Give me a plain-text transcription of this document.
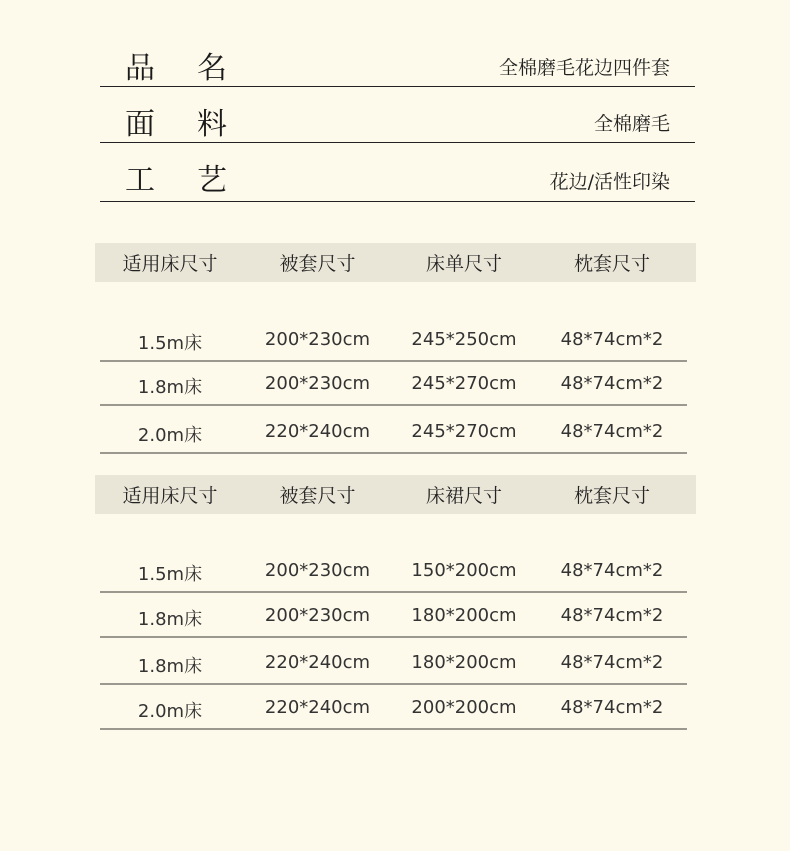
品名	全棉磨毛花边四件套
面料	全棉磨毛
工艺	花边/活性印染
适用床尺寸	被套尺寸	床单尺寸	枕套尺寸
1.5m床	200*230cm	245*250cm	48*74cm*2
1.8m床	200*230cm	245*270cm	48*74cm*2
2.0m床	220*240cm	245*270cm	48*74cm*2
适用床尺寸	被套尺寸	床裙尺寸	枕套尺寸
1.5m床	200*230cm	150*200cm	48*74cm*2
1.8m床	200*230cm	180*200cm	48*74cm*2
1.8m床	220*240cm	180*200cm	48*74cm*2
2.0m床	220*240cm	200*200cm	48*74cm*2
